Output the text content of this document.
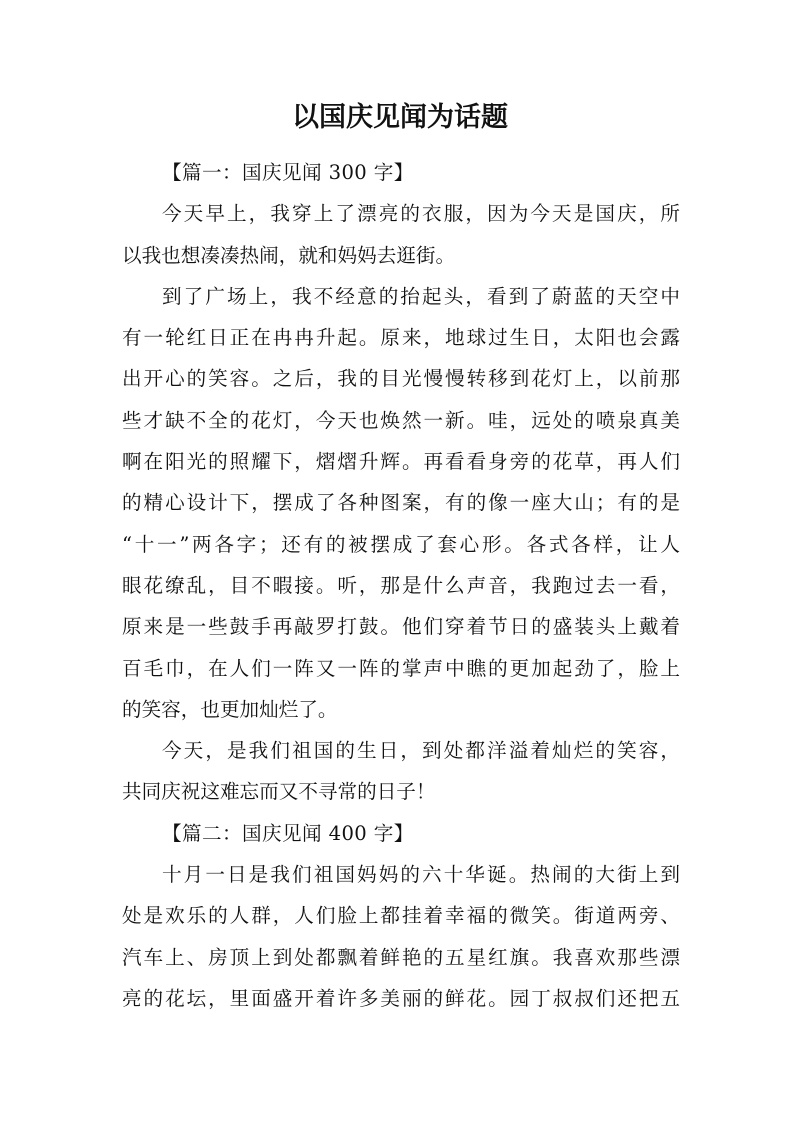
以国庆见闻为话题
【篇一：国庆见闻 300 字】
今天早上，我穿上了漂亮的衣服，因为今天是国庆，所
以我也想凑凑热闹，就和妈妈去逛街。
到了广场上，我不经意的抬起头，看到了蔚蓝的天空中
有一轮红日正在冉冉升起。原来，地球过生日，太阳也会露
出开心的笑容。之后，我的目光慢慢转移到花灯上，以前那
些才缺不全的花灯，今天也焕然一新。哇，远处的喷泉真美
啊在阳光的照耀下，熠熠升辉。再看看身旁的花草，再人们
的精心设计下，摆成了各种图案，有的像一座大山；有的是
“十一”两各字；还有的被摆成了套心形。各式各样，让人
眼花缭乱，目不暇接。听，那是什么声音，我跑过去一看，
原来是一些鼓手再敲罗打鼓。他们穿着节日的盛装头上戴着
百毛巾，在人们一阵又一阵的掌声中瞧的更加起劲了，脸上
的笑容，也更加灿烂了。
今天，是我们祖国的生日，到处都洋溢着灿烂的笑容，
共同庆祝这难忘而又不寻常的日子！
【篇二：国庆见闻 400 字】
十月一日是我们祖国妈妈的六十华诞。热闹的大街上到
处是欢乐的人群，人们脸上都挂着幸福的微笑。街道两旁、
汽车上、房顶上到处都飘着鲜艳的五星红旗。我喜欢那些漂
亮的花坛，里面盛开着许多美丽的鲜花。园丁叔叔们还把五
